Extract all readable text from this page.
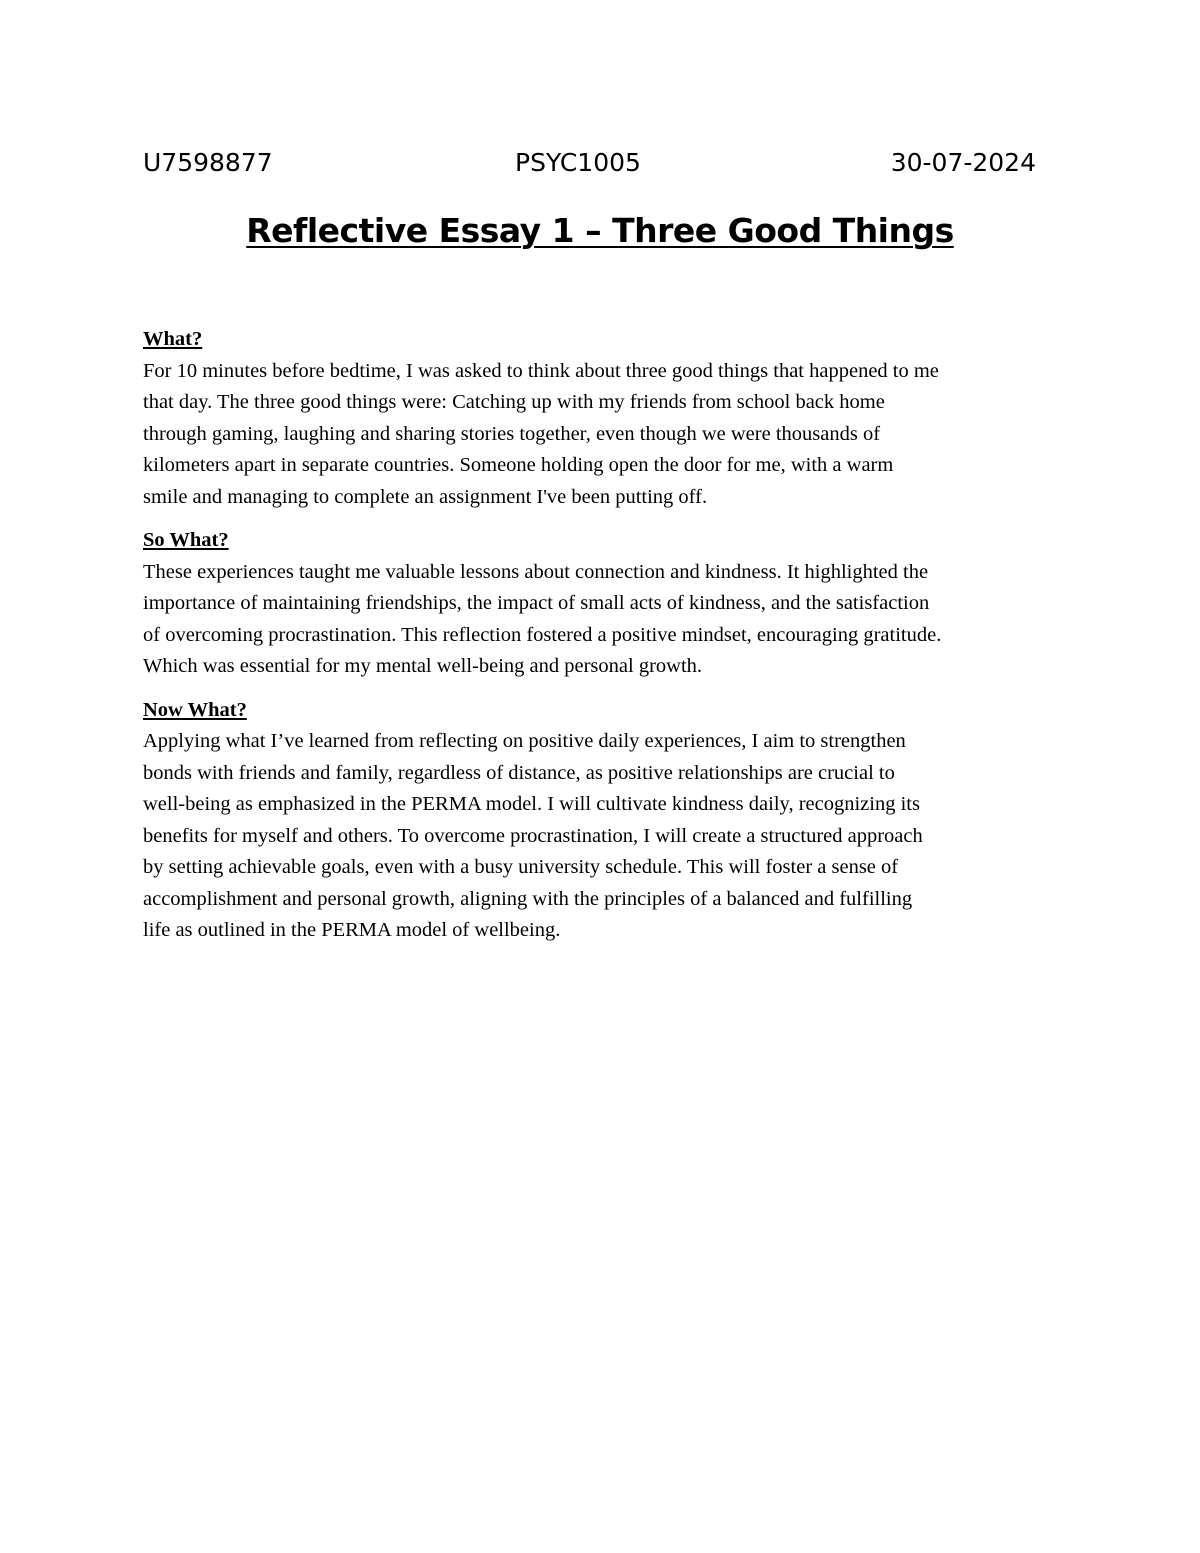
U7598877	PSYC1005	30-07-2024
Reflective Essay 1 – Three Good Things
What?
For 10 minutes before bedtime, I was asked to think about three good things that happened to me
that day. The three good things were: Catching up with my friends from school back home
through gaming, laughing and sharing stories together, even though we were thousands of
kilometers apart in separate countries. Someone holding open the door for me, with a warm
smile and managing to complete an assignment I've been putting off.
So What?
These experiences taught me valuable lessons about connection and kindness. It highlighted the
importance of maintaining friendships, the impact of small acts of kindness, and the satisfaction
of overcoming procrastination. This reflection fostered a positive mindset, encouraging gratitude.
Which was essential for my mental well-being and personal growth.
Now What?
Applying what I’ve learned from reflecting on positive daily experiences, I aim to strengthen
bonds with friends and family, regardless of distance, as positive relationships are crucial to
well-being as emphasized in the PERMA model. I will cultivate kindness daily, recognizing its
benefits for myself and others. To overcome procrastination, I will create a structured approach
by setting achievable goals, even with a busy university schedule. This will foster a sense of
accomplishment and personal growth, aligning with the principles of a balanced and fulfilling
life as outlined in the PERMA model of wellbeing.
